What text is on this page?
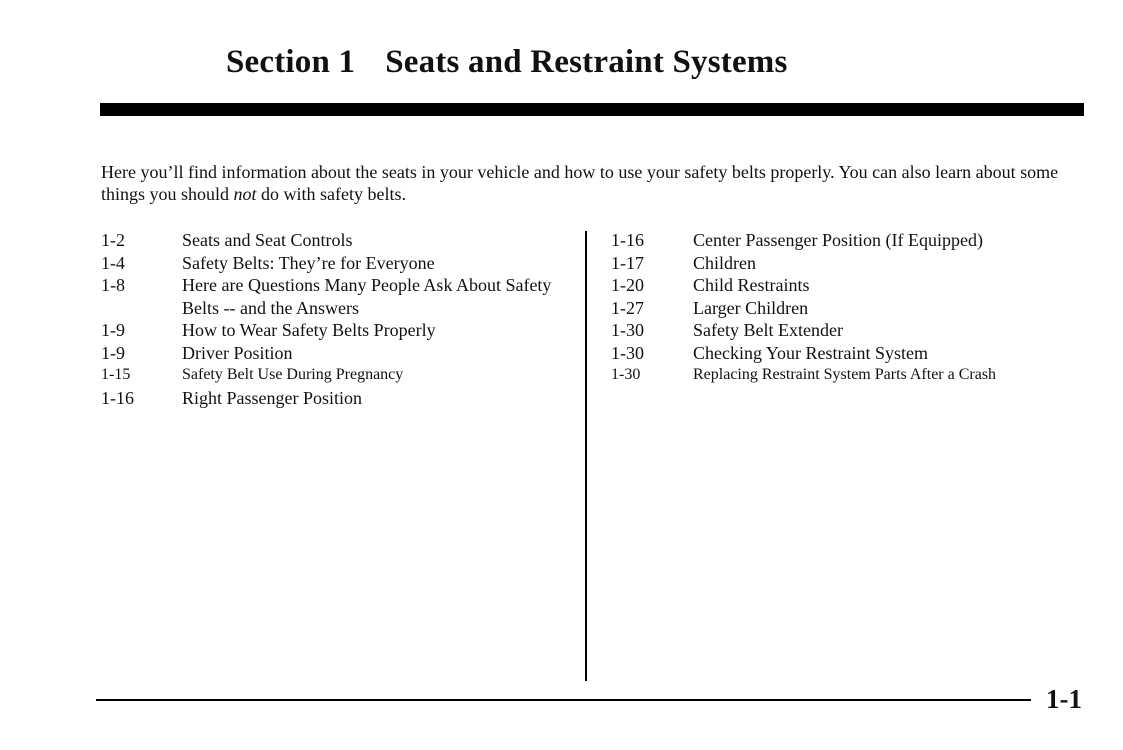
Section 1 Seats and Restraint Systems

Here you’ll find information about the seats in your vehicle and how to use your safety belts properly. You can also learn about some things you should not do with safety belts.

1-2	Seats and Seat Controls
1-4	Safety Belts: They’re for Everyone
1-8	Here are Questions Many People Ask About Safety Belts -- and the Answers
1-9	How to Wear Safety Belts Properly
1-9	Driver Position
1-15	Safety Belt Use During Pregnancy
1-16	Right Passenger Position
1-16	Center Passenger Position (If Equipped)
1-17	Children
1-20	Child Restraints
1-27	Larger Children
1-30	Safety Belt Extender
1-30	Checking Your Restraint System
1-30	Replacing Restraint System Parts After a Crash
1-1
